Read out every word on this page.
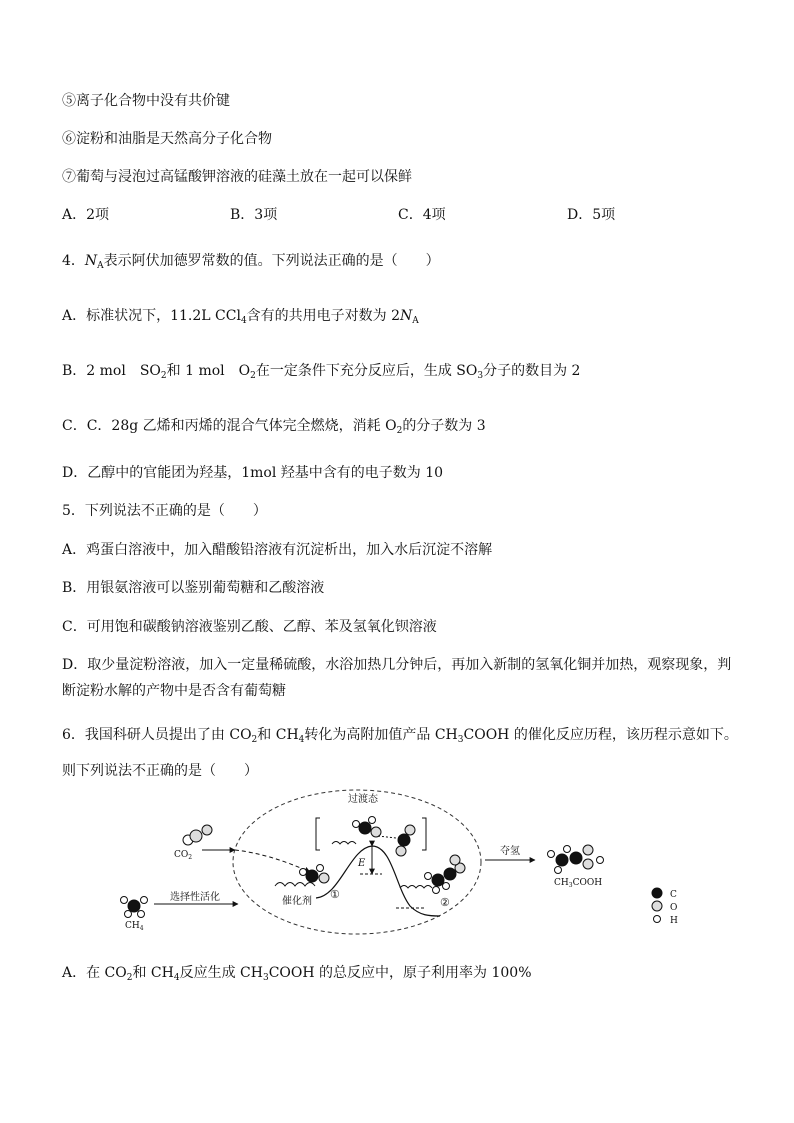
⑤离子化合物中没有共价键
⑥淀粉和油脂是天然高分子化合物
⑦葡萄与浸泡过高锰酸钾溶液的硅藻土放在一起可以保鲜
A．2项	B．3项	C．4项	D．5项
4．$N_A$表示阿伏加德罗常数的值。下列说法正确的是（　　）
A．标准状况下，11.2L CCl$_4$含有的共用电子对数为 $2N_A$
B．2 mol　$SO_2$和 1 mol　$O_2$在一定条件下充分反应后，生成 $SO_3$分子的数目为 2
C．C．28g 乙烯和丙烯的混合气体完全燃烧，消耗 $O_2$的分子数为 3
D．乙醇中的官能团为羟基，1mol 羟基中含有的电子数为 10
5．下列说法不正确的是（　　）
A．鸡蛋白溶液中，加入醋酸铅溶液有沉淀析出，加入水后沉淀不溶解
B．用银氨溶液可以鉴别葡萄糖和乙酸溶液
C．可用饱和碳酸钠溶液鉴别乙酸、乙醇、苯及氢氧化钡溶液
D．取少量淀粉溶液，加入一定量稀硫酸，水浴加热几分钟后，再加入新制的氢氧化铜并加热，观察现象，判
断淀粉水解的产物中是否含有葡萄糖
6．我国科研人员提出了由 $CO_2$和 $CH_4$转化为高附加值产品 $CH_3COOH$ 的催化反应历程，该历程示意如下。
则下列说法不正确的是（　　）
过渡态
$CO_2$
$CH_4$
选择性活化	催化剂
①
E
②
夺氢
$CH_3COOH$
C
O
H
A．在 $CO_2$和 $CH_4$反应生成 $CH_3COOH$ 的总反应中，原子利用率为 100%
